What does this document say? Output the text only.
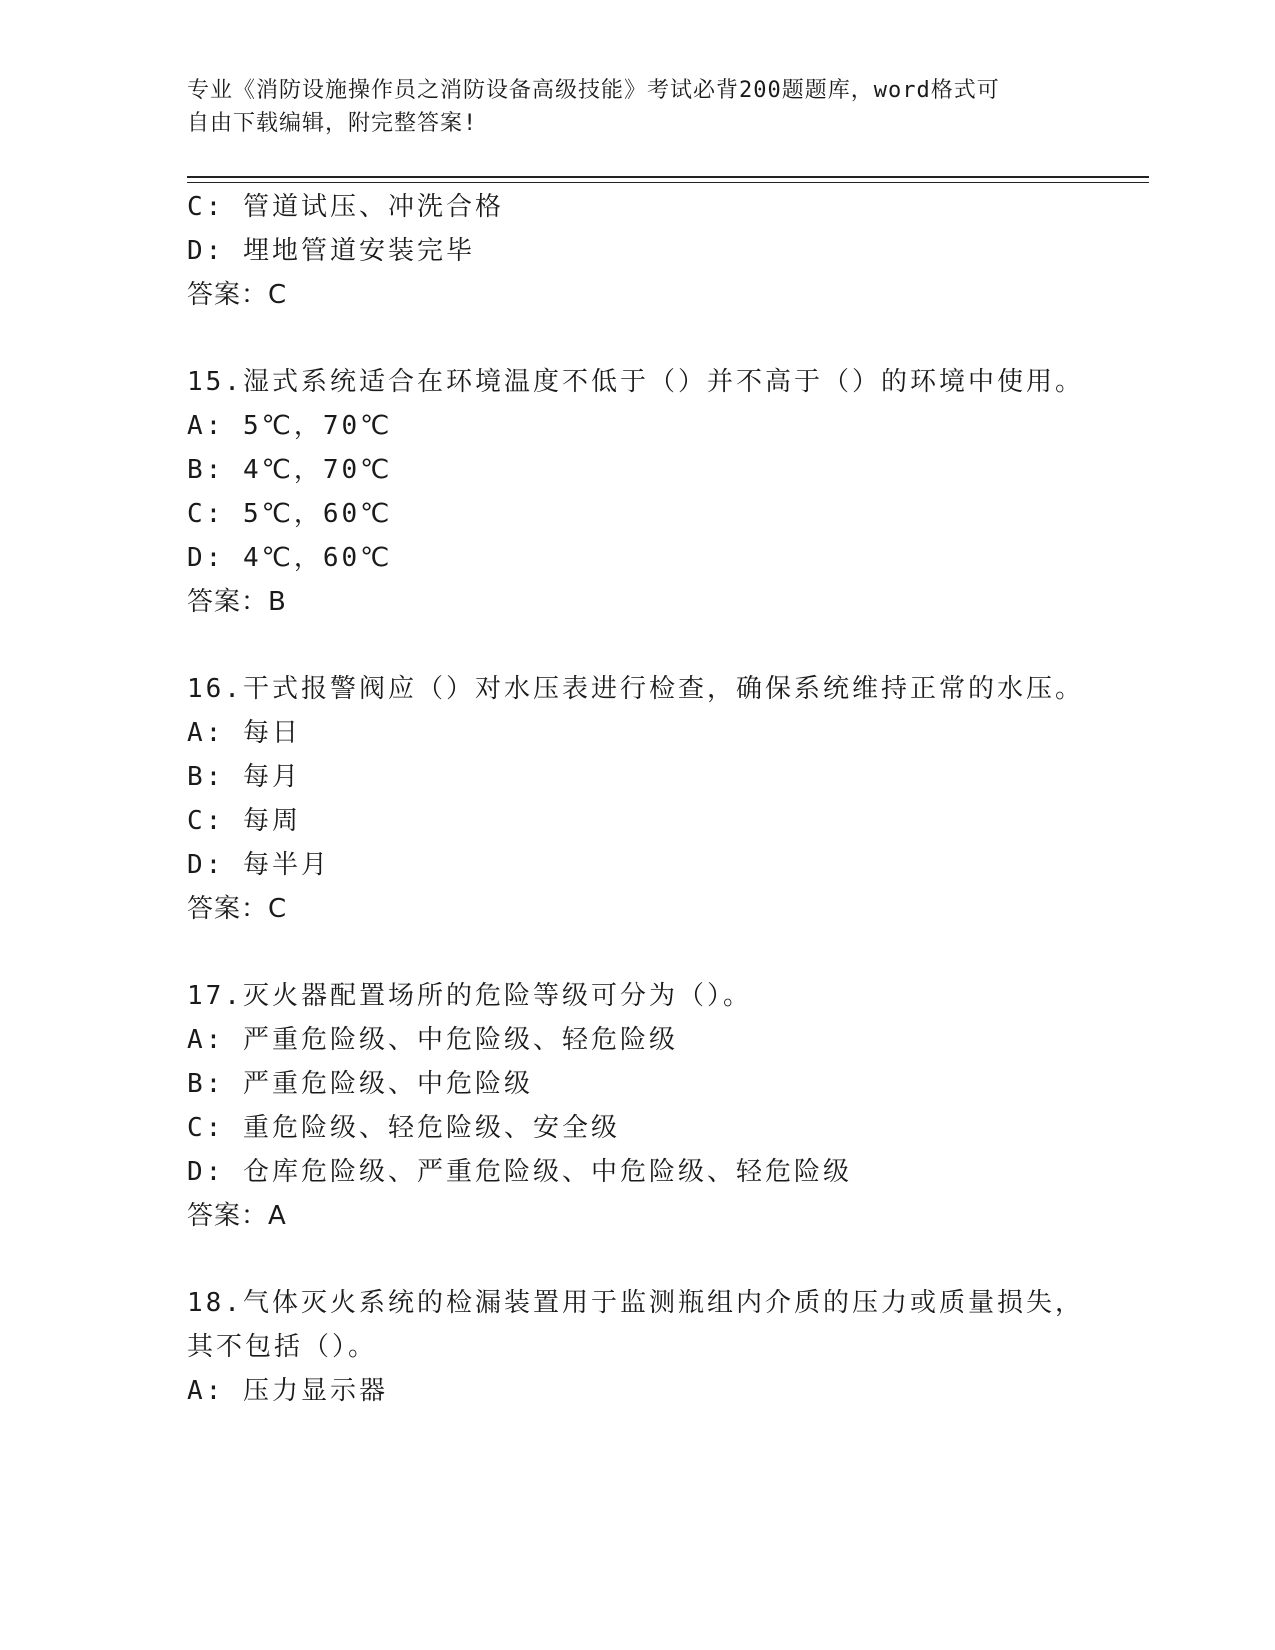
专业《消防设施操作员之消防设备高级技能》考试必背200题题库，word格式可
自由下载编辑，附完整答案!
C: 管道试压、冲洗合格
D: 埋地管道安装完毕
答案：C
15.湿式系统适合在环境温度不低于（）并不高于（）的环境中使用。
A: 5℃，70℃
B: 4℃，70℃
C: 5℃，60℃
D: 4℃，60℃
答案：B
16.干式报警阀应（）对水压表进行检查，确保系统维持正常的水压。
A: 每日
B: 每月
C: 每周
D: 每半月
答案：C
17.灭火器配置场所的危险等级可分为（）。
A: 严重危险级、中危险级、轻危险级
B: 严重危险级、中危险级
C: 重危险级、轻危险级、安全级
D: 仓库危险级、严重危险级、中危险级、轻危险级
答案：A
18.气体灭火系统的检漏装置用于监测瓶组内介质的压力或质量损失，
其不包括（）。
A: 压力显示器
